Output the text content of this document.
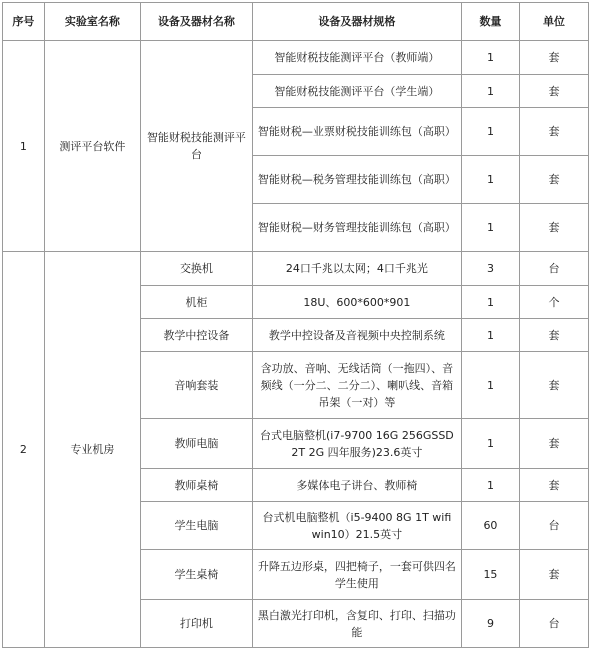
序号	实验室名称	设备及器材名称	设备及器材规格	数量	单位
1	测评平台软件	智能财税技能测评平台	智能财税技能测评平台（教师端）	1	套
			智能财税技能测评平台（学生端）	1	套
			智能财税—业票财税技能训练包（高职）	1	套
			智能财税—税务管理技能训练包（高职）	1	套
			智能财税—财务管理技能训练包（高职）	1	套
2	专业机房	交换机	24口千兆以太网；4口千兆光	3	台
		机柜	18U、600*600*901	1	个
		教学中控设备	教学中控设备及音视频中央控制系统	1	套
		音响套装	含功放、音响、无线话筒（一拖四）、音频线（一分二、二分二）、喇叭线、音箱吊架（一对）等	1	套
		教师电脑	台式电脑整机(i7-9700 16G 256GSSD 2T 2G 四年服务)23.6英寸	1	套
		教师桌椅	多媒体电子讲台、教师椅	1	套
		学生电脑	台式机电脑整机（i5-9400 8G 1T wifi win10）21.5英寸	60	台
		学生桌椅	升降五边形桌，四把椅子，一套可供四名学生使用	15	套
		打印机	黑白激光打印机，含复印、打印、扫描功能	9	台
